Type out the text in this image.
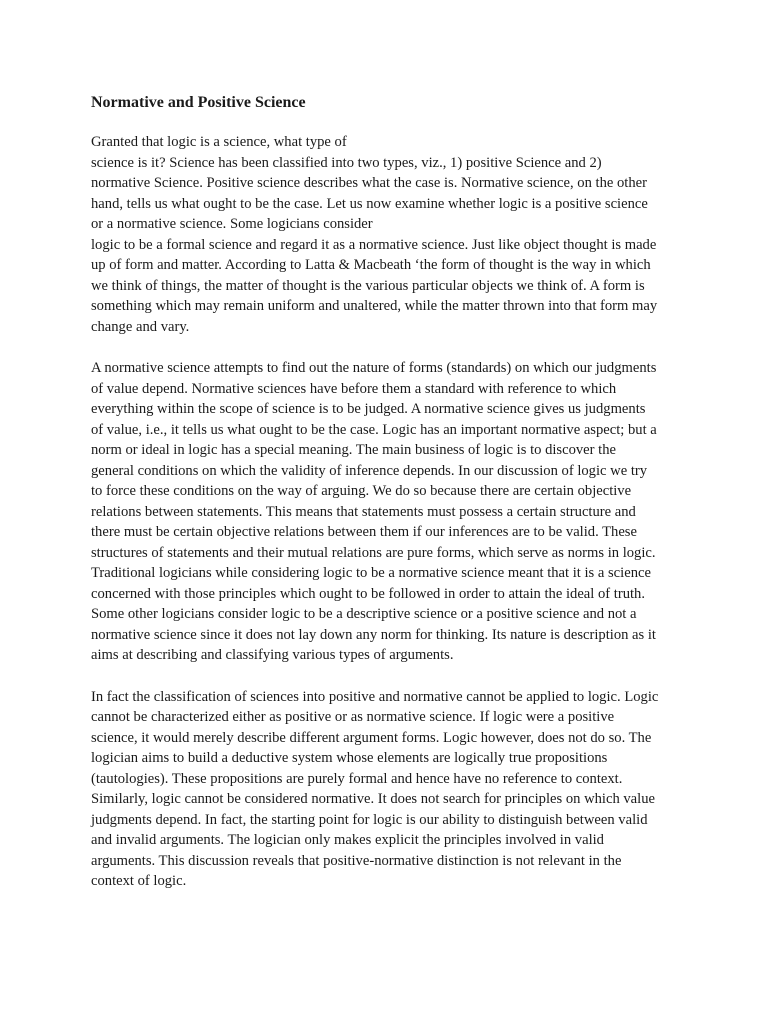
Normative and Positive Science
Granted that logic is a science, what type of
science is it? Science has been classified into two types, viz., 1) positive Science and 2)
normative Science. Positive science describes what the case is. Normative science, on the other
hand, tells us what ought to be the case. Let us now examine whether logic is a positive science
or a normative science. Some logicians consider
logic to be a formal science and regard it as a normative science. Just like object thought is made
up of form and matter. According to Latta & Macbeath ‘the form of thought is the way in which
we think of things, the matter of thought is the various particular objects we think of. A form is
something which may remain uniform and unaltered, while the matter thrown into that form may
change and vary.
A normative science attempts to find out the nature of forms (standards) on which our judgments
of value depend. Normative sciences have before them a standard with reference to which
everything within the scope of science is to be judged. A normative science gives us judgments
of value, i.e., it tells us what ought to be the case. Logic has an important normative aspect; but a
norm or ideal in logic has a special meaning. The main business of logic is to discover the
general conditions on which the validity of inference depends. In our discussion of logic we try
to force these conditions on the way of arguing. We do so because there are certain objective
relations between statements. This means that statements must possess a certain structure and
there must be certain objective relations between them if our inferences are to be valid. These
structures of statements and their mutual relations are pure forms, which serve as norms in logic.
Traditional logicians while considering logic to be a normative science meant that it is a science
concerned with those principles which ought to be followed in order to attain the ideal of truth.
Some other logicians consider logic to be a descriptive science or a positive science and not a
normative science since it does not lay down any norm for thinking. Its nature is description as it
aims at describing and classifying various types of arguments.
In fact the classification of sciences into positive and normative cannot be applied to logic. Logic
cannot be characterized either as positive or as normative science. If logic were a positive
science, it would merely describe different argument forms. Logic however, does not do so. The
logician aims to build a deductive system whose elements are logically true propositions
(tautologies). These propositions are purely formal and hence have no reference to context.
Similarly, logic cannot be considered normative. It does not search for principles on which value
judgments depend. In fact, the starting point for logic is our ability to distinguish between valid
and invalid arguments. The logician only makes explicit the principles involved in valid
arguments. This discussion reveals that positive-normative distinction is not relevant in the
context of logic.
